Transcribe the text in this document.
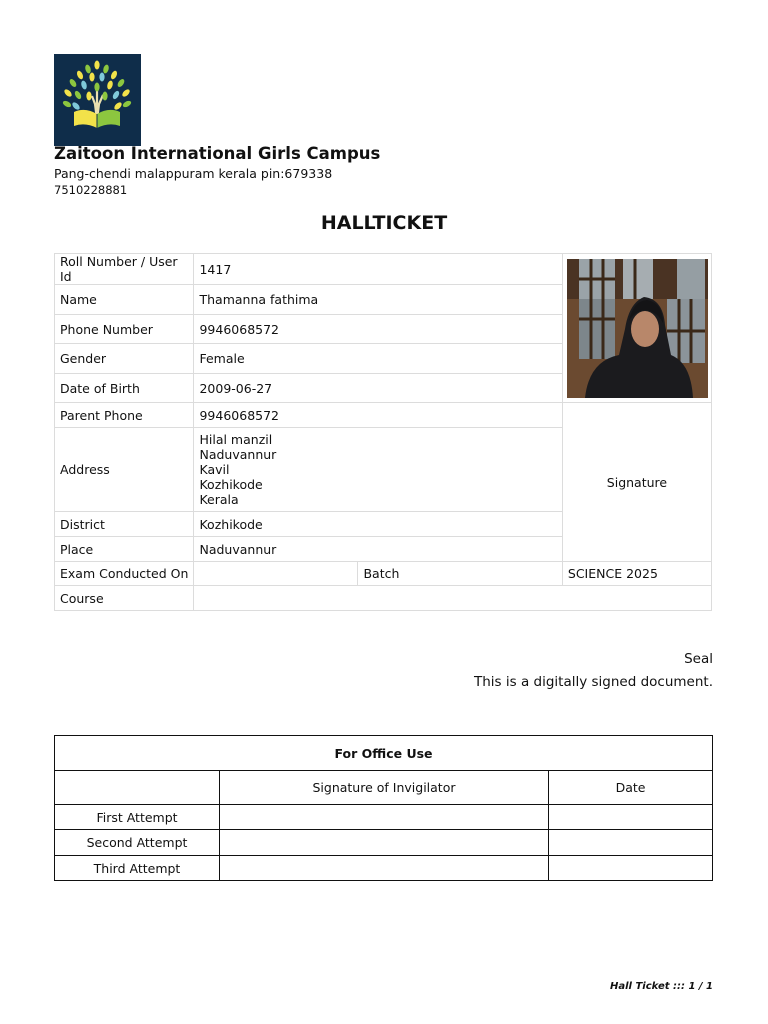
Zaitoon International Girls Campus
Pang-chendi malappuram kerala pin:679338
7510228881
HALLTICKET
Roll Number / User Id	1417	

Name	Thamanna fathima		
Phone Number	9946068572		
Gender	Female		
Date of Birth	2009-06-27		
Parent Phone	9946068572		Signature
Address	Hilal manzil
Naduvannur
Kavil
Kozhikode
Kerala		

District	Kozhikode		
Place	Naduvannur		
Exam Conducted On		Batch	SCIENCE 2025
Course			
Seal
This is a digitally signed document.
For Office Use		
	Signature of Invigilator	Date
First Attempt		
Second Attempt		
Third Attempt		
Hall Ticket ::: 1 / 1
